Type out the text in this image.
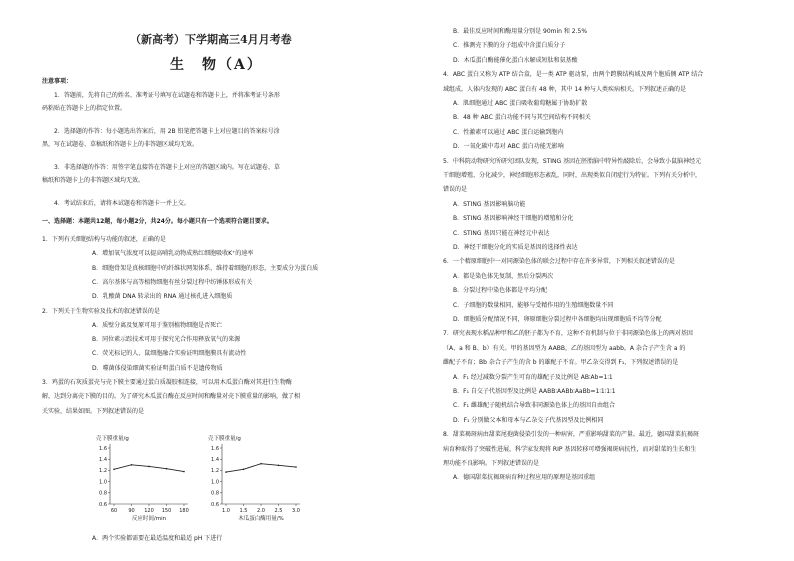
（新高考）下学期高三4月月考卷
生　物（A）
注意事项：
1．答题前，先将自己的姓名、准考证号填写在试题卷和答题卡上，并将准考证号条形
码粘贴在答题卡上的指定位置。
2．选择题的作答：每小题选出答案后，用 2B 铅笔把答题卡上对应题目的答案标号涂
黑，写在试题卷、草稿纸和答题卡上的非答题区域均无效。
3．非选择题的作答：用签字笔直接答在答题卡上对应的答题区域内。写在试题卷、草
稿纸和答题卡上的非答题区域均无效。
4．考试结束后，请将本试题卷和答题卡一并上交。
一、选择题：本题共12题，每小题2分，共24分。每小题只有一个选项符合题目要求。
1．下列有关细胞结构与功能的叙述，正确的是
A．增加氧气浓度可以提高哺乳动物成熟红细胞吸收K⁺的速率
B．细胞骨架是真核细胞中的纤维状网架体系，维持着细胞的形态，主要成分为蛋白质
C．高尔基体与高等植物细胞有丝分裂过程中纺锤体形成有关
D．乳酸菌 DNA 转录出的 RNA 通过核孔进入细胞质
2．下列关于生物实验及技术的叙述错误的是
A．质壁分离及复原可用于鉴别植物细胞是否死亡
B．同位素示踪技术可用于探究光合作用释放氧气的来源
C．荧光标记的人、鼠细胞融合实验证明细胞膜具有流动性
D．噬菌体侵染细菌实验证明蛋白质不是遗传物质
3．鸡蛋的石灰质蛋壳与壳下膜主要通过蛋白质凝胶相连接，可以用木瓜蛋白酶对其进行生物酶
解，达到分离壳下膜的目的。为了研究木瓜蛋白酶在反应时间和酶量对壳下膜重量的影响，做了相
关实验，结果如图。下列叙述错误的是
壳下膜重量/g
0.6
0.8
1.0
1.2
1.4
1.6
60 90 120 150 180
反应时间/min
壳下膜重量/g
0.6
0.8
1.0
1.2
1.4
1.6
1.0 1.5 2.0 2.5 3.0
木瓜蛋白酶用量/%
A．两个实验都需要在最适温度和最适 pH 下进行
B．最佳反应时间和酶用量分别是 90min 和 2.5%
C．推测壳下膜的分子组成中含蛋白质分子
D．木瓜蛋白酶能催化蛋白水解成短肽和氨基酸
4．ABC 蛋白又称为 ATP 结合盒，是一类 ATP 驱动泵，由两个跨膜结构域及两个胞质侧 ATP 结合
域组成。人体内发现的 ABC 蛋白有 48 种，其中 14 种与人类疾病相关。下列叙述正确的是
A．肌细胞通过 ABC 蛋白吸收葡萄糖属于协助扩散
B．48 种 ABC 蛋白功能不同与其空间结构不同相关
C．性激素可以通过 ABC 蛋白运输到胞内
D．一氧化碳中毒对 ABC 蛋白功能无影响
5．中科院动物研究所研究团队发现，STING 基因在胚胎脑中特异性敲除后，会导致小鼠脑神经元
干细胞增殖、分化减少，神经细胞形态紊乱，同时，出现类似自闭症行为特征。下列有关分析中，
错误的是
A．STING 基因影响脑功能
B．STING 基因影响神经干细胞的增殖和分化
C．STING 基因只能在神经元中表达
D．神经干细胞分化的实质是基因的选择性表达
6．一个精原细胞中一对同源染色体的联会过程中存在许多异常，下列相关叙述错误的是
A．都是染色体先复制，然后分裂两次
B．分裂过程中染色体都是平均分配
C．子细胞的数量相同，能够与受精作用的生殖细胞数量不同
D．细胞质分配情况不同，卵原细胞分裂过程中各细胞均出现细胞质不均等分配
7．研究表现水稻品种甲和乙的胚子都为不育，这种不育机制与位于非同源染色体上的两对基因
（A、a 和 B、b）有关。甲的基因型为 AABB，乙的基因型为 aabb。A 杂合子产生含 a 的
雌配子不育；Bb 杂合子产生的含 b 的雄配子不育。甲乙杂交得到 F₁，下列叙述错误的是
A．F₁ 经过减数分裂产生可育的雄配子及比例是 AB∶Ab=1∶1
B．F₁ 自交子代基因型及比例是 AABB∶AABb∶AaBb=1∶1∶1∶1
C．F₁ 雌雄配子随机结合导致非同源染色体上的基因自由组合
D．F₁ 分别做父本和母本与乙杂交子代基因型及比例相同
8．甜菜褐斑病由甜菜尾孢菌侵染引发的一种病害，严重影响甜菜的产量。最近，德国甜菜抗褐斑
病育种取得了突破性进展，科学家发现将 RIP 基因转移可增强褐斑病抗性，而对甜菜的生长和生
理功能不良影响。下列叙述错误的是
A．德国甜菜抗褐斑病育种过程应用的原理是基因重组
